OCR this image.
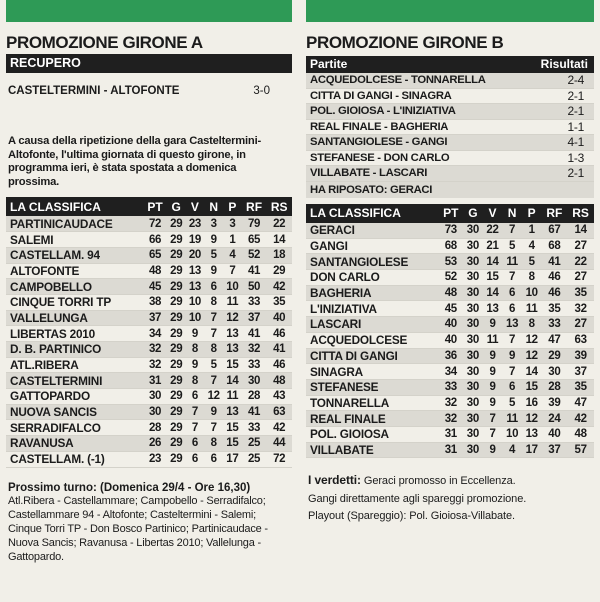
PROMOZIONE GIRONE A
RECUPERO
CASTELTERMINI - ALTOFONTE	3-0

A causa della ripetizione della gara Casteltermini-Altofonte, l'ultima giornata di questo girone, in programma ieri, è stata spostata a domenica prossima.

LA CLASSIFICA	PT	G	V	N	P	RF	RS
PARTINICAUDACE	72	29	23	3	3	79	22
SALEMI	66	29	19	9	1	65	14
CASTELLAM. 94	65	29	20	5	4	52	18
ALTOFONTE	48	29	13	9	7	41	29
CAMPOBELLO	45	29	13	6	10	50	42
CINQUE TORRI TP	38	29	10	8	11	33	35
VALLELUNGA	37	29	10	7	12	37	40
LIBERTAS 2010	34	29	9	7	13	41	46
D. B. PARTINICO	32	29	8	8	13	32	41
ATL.RIBERA	32	29	9	5	15	33	46
CASTELTERMINI	31	29	8	7	14	30	48
GATTOPARDO	30	29	6	12	11	28	43
NUOVA SANCIS	30	29	7	9	13	41	63
SERRADIFALCO	28	29	7	7	15	33	42
RAVANUSA	26	29	6	8	15	25	44
CASTELLAM. (-1)	23	29	6	6	17	25	72
Prossimo turno: (Domenica 29/4 - Ore 16,30)

Atl.Ribera - Castellammare; Campobello - Serradifalco; Castellammare 94 - Altofonte; Casteltermini - Salemi; Cinque Torri TP - Don Bosco Partinico; Partinicaudace - Nuova Sancis; Ravanusa - Libertas 2010; Vallelunga - Gattopardo.

PROMOZIONE GIRONE B
Partite	Risultati
ACQUEDOLCESE - TONNARELLA	2-4
CITTA DI GANGI - SINAGRA	2-1
POL. GIOIOSA - L'INIZIATIVA	2-1
REAL FINALE - BAGHERIA	1-1
SANTANGIOLESE - GANGI	4-1
STEFANESE - DON CARLO	1-3
VILLABATE - LASCARI	2-1
HA RIPOSATO: GERACI
LA CLASSIFICA	PT	G	V	N	P	RF	RS
GERACI	73	30	22	7	1	67	14
GANGI	68	30	21	5	4	68	27
SANTANGIOLESE	53	30	14	11	5	41	22
DON CARLO	52	30	15	7	8	46	27
BAGHERIA	48	30	14	6	10	46	35
L'INIZIATIVA	45	30	13	6	11	35	32
LASCARI	40	30	9	13	8	33	27
ACQUEDOLCESE	40	30	11	7	12	47	63
CITTA DI GANGI	36	30	9	9	12	29	39
SINAGRA	34	30	9	7	14	30	37
STEFANESE	33	30	9	6	15	28	35
TONNARELLA	32	30	9	5	16	39	47
REAL FINALE	32	30	7	11	12	24	42
POL. GIOIOSA	31	30	7	10	13	40	48
VILLABATE	31	30	9	4	17	37	57
I verdetti: Geraci promosso in Eccellenza.
Gangi direttamente agli spareggi promozione.
Playout (Spareggio): Pol. Gioiosa-Villabate.
